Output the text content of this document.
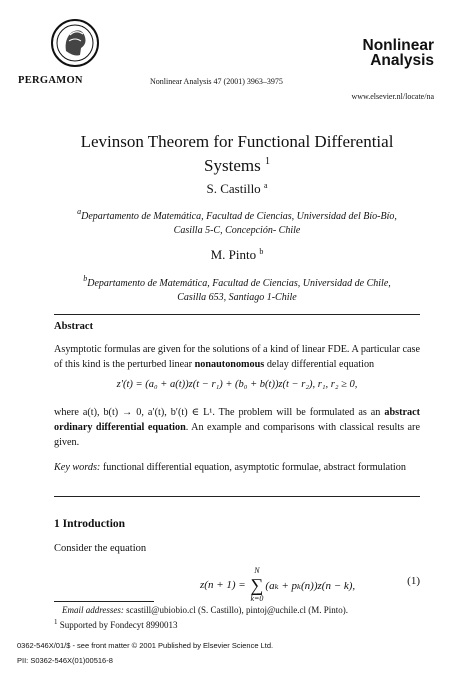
PERGAMON	Nonlinear Analysis 47 (2001) 3963–3975
Nonlinear
Analysis
www.elsevier.nl/locate/na
Levinson Theorem for Functional Differential
Systems $^1$
S. Castillo $^a$
$^a$Departamento de Matemática, Facultad de Ciencias, Universidad del Bío-Bío,
Casilla 5-C, Concepción- Chile
M. Pinto $^b$
$^b$Departamento de Matemática, Facultad de Ciencias, Universidad de Chile,
Casilla 653, Santiago 1-Chile
Abstract
Asymptotic formulas are given for the solutions of a kind of linear FDE. A particular case of this kind is the perturbed linear nonautonomous delay differential equation
z′(t) = (a₀ + a(t))z(t − r₁) + (b₀ + b(t))z(t − r₂), r₁, r₂ ≥ 0,
where a(t), b(t) → 0, a′(t), b′(t) ∈ L¹. The problem will be formulated as an abstract ordinary differential equation. An example and comparisons with classical results are given.
Key words: functional differential equation, asymptotic formulae, abstract formulation
1 Introduction
Consider the equation
z(n + 1) =
N
∑
k=0
(aₖ + pₖ(n))z(n − k),	(1)
Email addresses: scastill@ubiobio.cl (S. Castillo), pintoj@uchile.cl (M. Pinto).
$^1$ Supported by Fondecyt 8990013
0362-546X/01/$ - see front matter © 2001 Published by Elsevier Science Ltd.
PII: S0362-546X(01)00516-8
